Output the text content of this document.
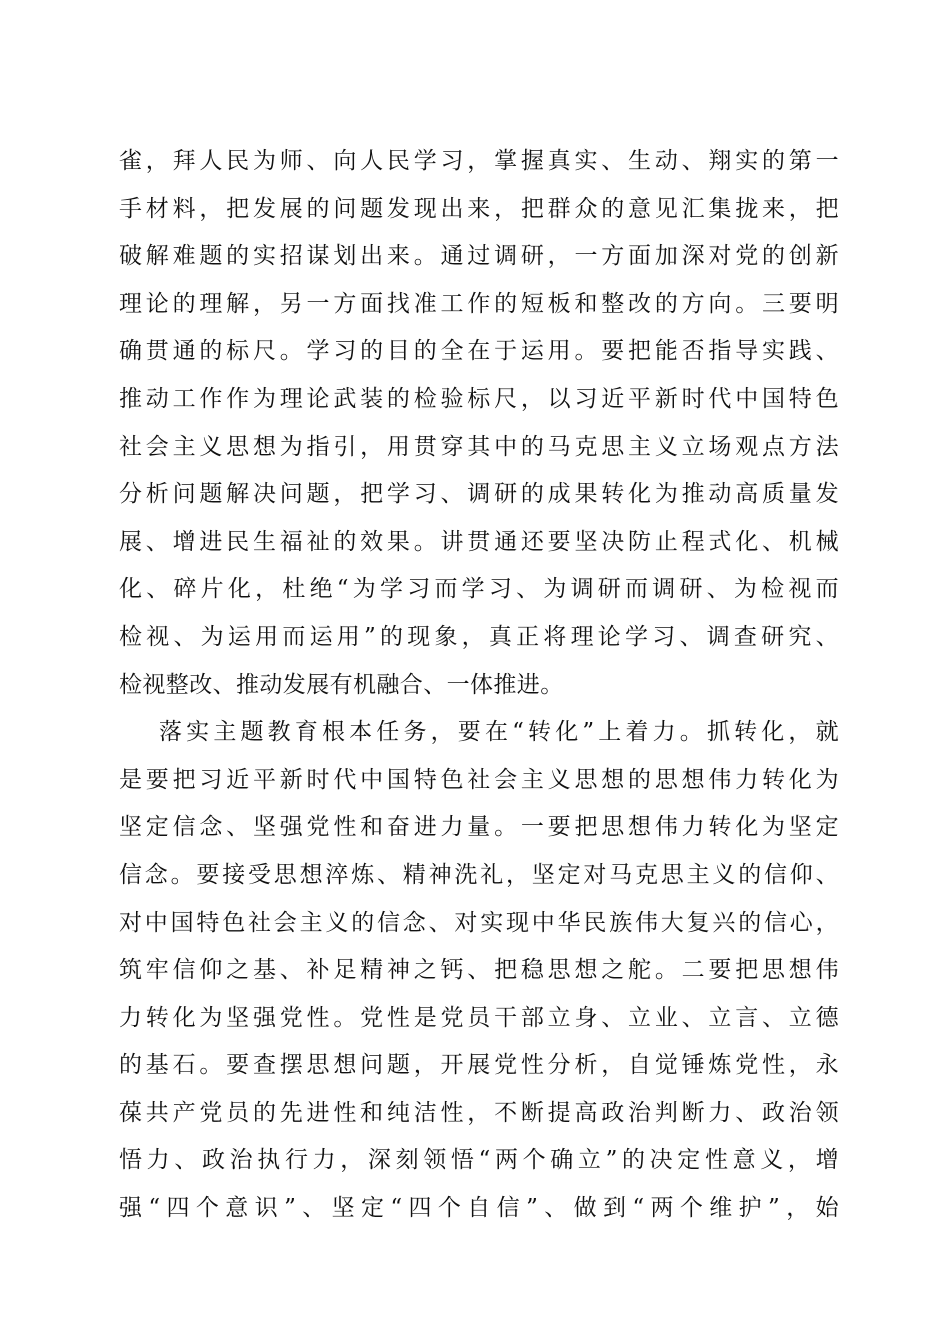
雀，拜人民为师、向人民学习，掌握真实、生动、翔实的第一
手材料，把发展的问题发现出来，把群众的意见汇集拢来，把
破解难题的实招谋划出来。通过调研，一方面加深对党的创新
理论的理解，另一方面找准工作的短板和整改的方向。三要明
确贯通的标尺。学习的目的全在于运用。要把能否指导实践、
推动工作作为理论武装的检验标尺，以习近平新时代中国特色
社会主义思想为指引，用贯穿其中的马克思主义立场观点方法
分析问题解决问题，把学习、调研的成果转化为推动高质量发
展、增进民生福祉的效果。讲贯通还要坚决防止程式化、机械
化、碎片化，杜绝“为学习而学习、为调研而调研、为检视而
检视、为运用而运用”的现象，真正将理论学习、调查研究、
检视整改、推动发展有机融合、一体推进。
落实主题教育根本任务，要在“转化”上着力。抓转化，就
是要把习近平新时代中国特色社会主义思想的思想伟力转化为
坚定信念、坚强党性和奋进力量。一要把思想伟力转化为坚定
信念。要接受思想淬炼、精神洗礼，坚定对马克思主义的信仰、
对中国特色社会主义的信念、对实现中华民族伟大复兴的信心，
筑牢信仰之基、补足精神之钙、把稳思想之舵。二要把思想伟
力转化为坚强党性。党性是党员干部立身、立业、立言、立德
的基石。要查摆思想问题，开展党性分析，自觉锤炼党性，永
葆共产党员的先进性和纯洁性，不断提高政治判断力、政治领
悟力、政治执行力，深刻领悟“两个确立”的决定性意义，增
强“四个意识”、坚定“四个自信”、做到“两个维护”，始
